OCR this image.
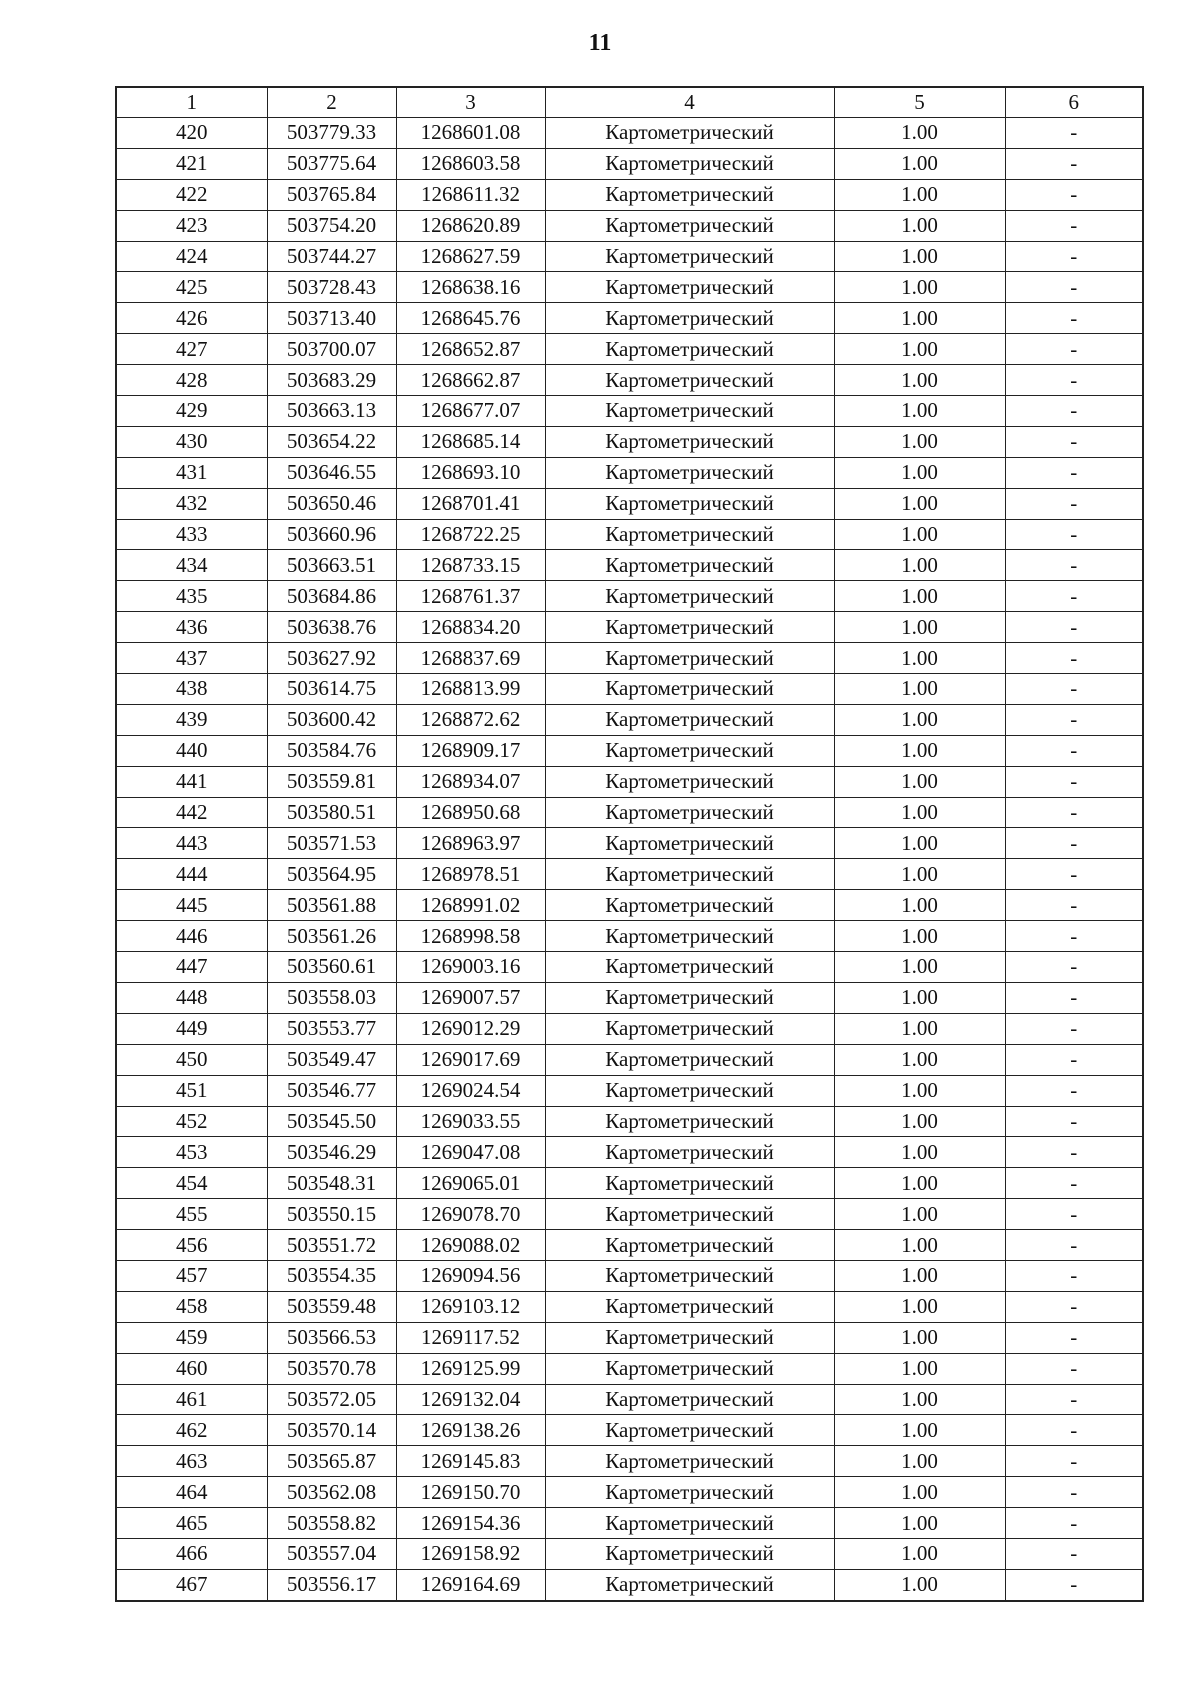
11
1	2	3	4	5	6
420	503779.33	1268601.08	Картометрический	1.00	-
421	503775.64	1268603.58	Картометрический	1.00	-
422	503765.84	1268611.32	Картометрический	1.00	-
423	503754.20	1268620.89	Картометрический	1.00	-
424	503744.27	1268627.59	Картометрический	1.00	-
425	503728.43	1268638.16	Картометрический	1.00	-
426	503713.40	1268645.76	Картометрический	1.00	-
427	503700.07	1268652.87	Картометрический	1.00	-
428	503683.29	1268662.87	Картометрический	1.00	-
429	503663.13	1268677.07	Картометрический	1.00	-
430	503654.22	1268685.14	Картометрический	1.00	-
431	503646.55	1268693.10	Картометрический	1.00	-
432	503650.46	1268701.41	Картометрический	1.00	-
433	503660.96	1268722.25	Картометрический	1.00	-
434	503663.51	1268733.15	Картометрический	1.00	-
435	503684.86	1268761.37	Картометрический	1.00	-
436	503638.76	1268834.20	Картометрический	1.00	-
437	503627.92	1268837.69	Картометрический	1.00	-
438	503614.75	1268813.99	Картометрический	1.00	-
439	503600.42	1268872.62	Картометрический	1.00	-
440	503584.76	1268909.17	Картометрический	1.00	-
441	503559.81	1268934.07	Картометрический	1.00	-
442	503580.51	1268950.68	Картометрический	1.00	-
443	503571.53	1268963.97	Картометрический	1.00	-
444	503564.95	1268978.51	Картометрический	1.00	-
445	503561.88	1268991.02	Картометрический	1.00	-
446	503561.26	1268998.58	Картометрический	1.00	-
447	503560.61	1269003.16	Картометрический	1.00	-
448	503558.03	1269007.57	Картометрический	1.00	-
449	503553.77	1269012.29	Картометрический	1.00	-
450	503549.47	1269017.69	Картометрический	1.00	-
451	503546.77	1269024.54	Картометрический	1.00	-
452	503545.50	1269033.55	Картометрический	1.00	-
453	503546.29	1269047.08	Картометрический	1.00	-
454	503548.31	1269065.01	Картометрический	1.00	-
455	503550.15	1269078.70	Картометрический	1.00	-
456	503551.72	1269088.02	Картометрический	1.00	-
457	503554.35	1269094.56	Картометрический	1.00	-
458	503559.48	1269103.12	Картометрический	1.00	-
459	503566.53	1269117.52	Картометрический	1.00	-
460	503570.78	1269125.99	Картометрический	1.00	-
461	503572.05	1269132.04	Картометрический	1.00	-
462	503570.14	1269138.26	Картометрический	1.00	-
463	503565.87	1269145.83	Картометрический	1.00	-
464	503562.08	1269150.70	Картометрический	1.00	-
465	503558.82	1269154.36	Картометрический	1.00	-
466	503557.04	1269158.92	Картометрический	1.00	-
467	503556.17	1269164.69	Картометрический	1.00	-
